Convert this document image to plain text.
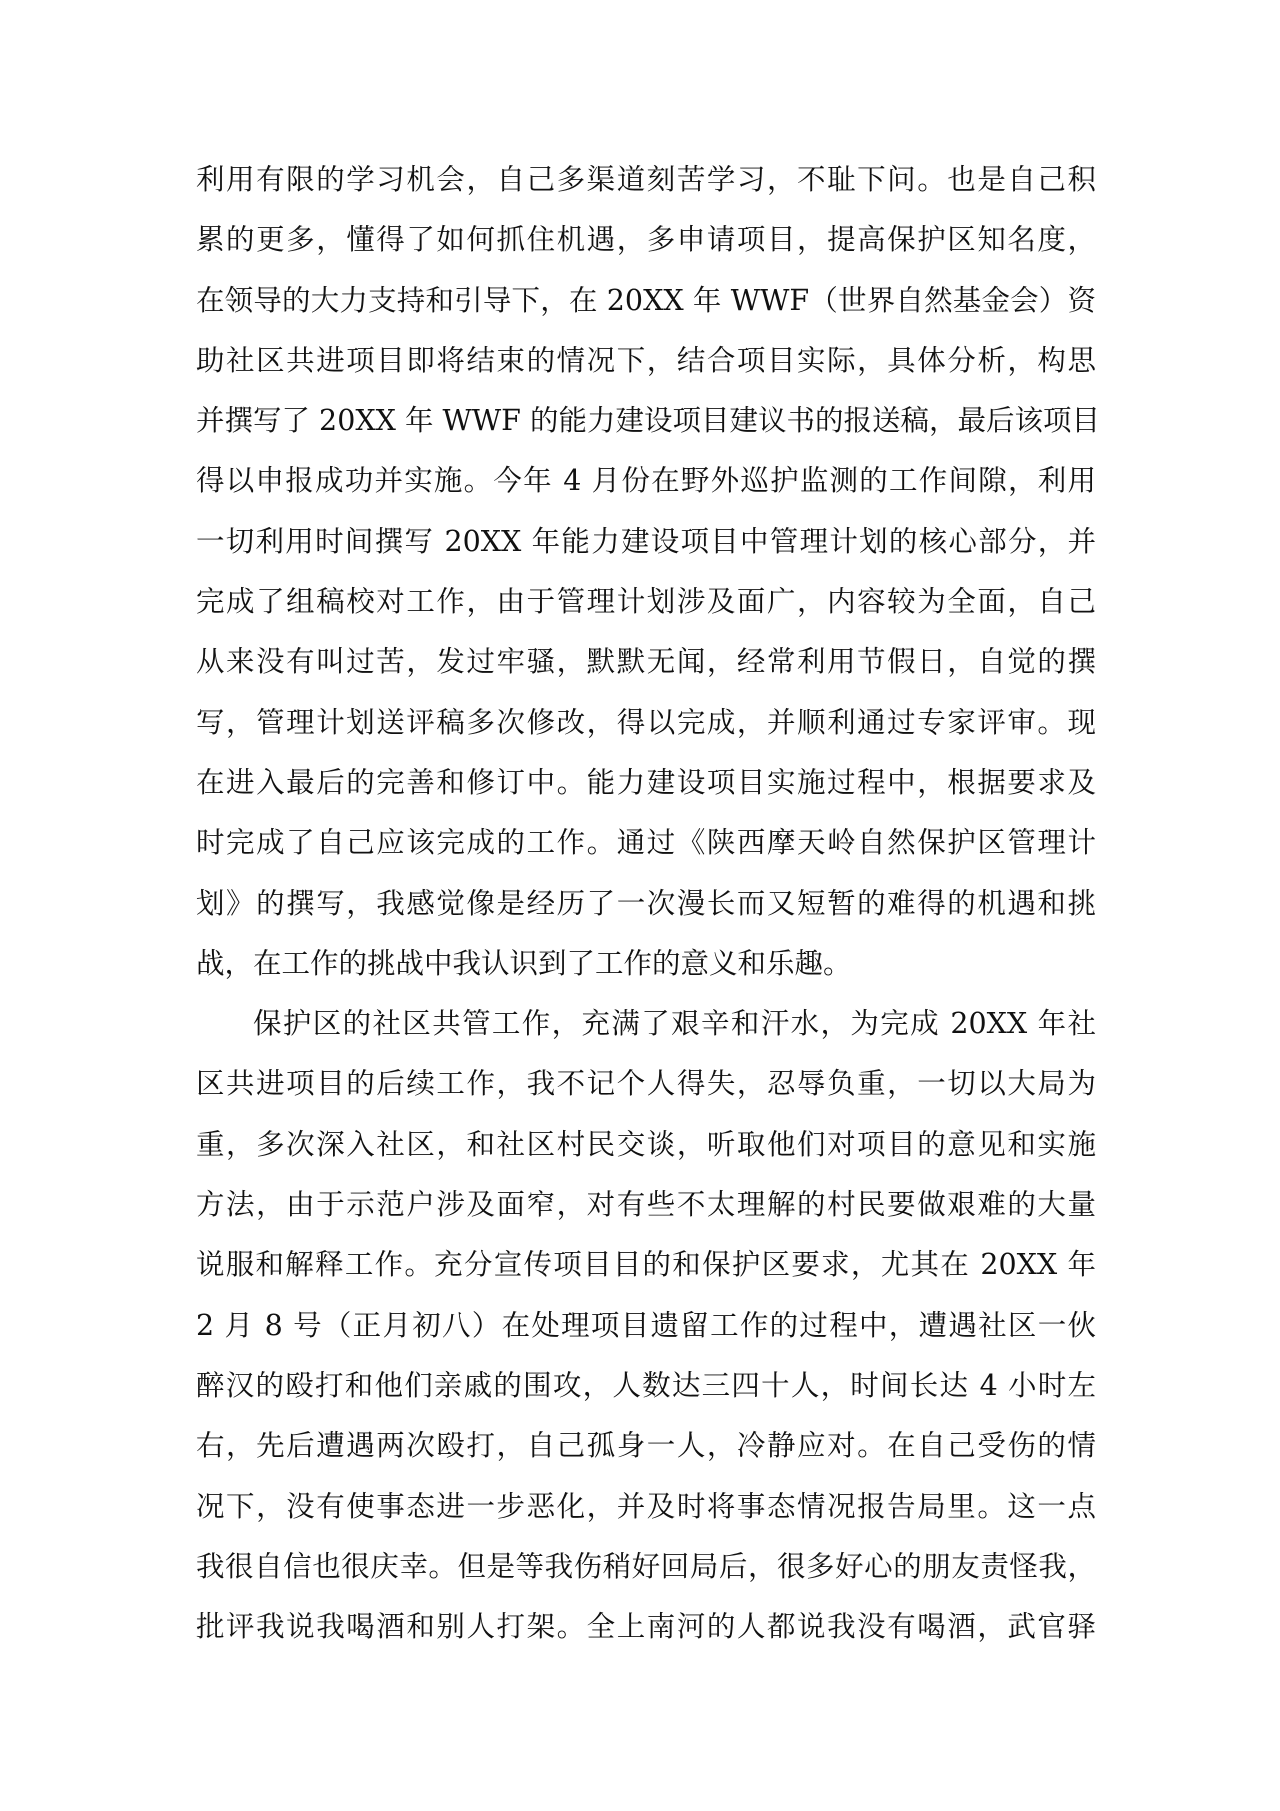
利用有限的学习机会，自己多渠道刻苦学习，不耻下问。也是自己积
累的更多，懂得了如何抓住机遇，多申请项目，提高保护区知名度，
在领导的大力支持和引导下，在 20XX 年 WWF（世界自然基金会）资
助社区共进项目即将结束的情况下，结合项目实际，具体分析，构思
并撰写了 20XX 年 WWF 的能力建设项目建议书的报送稿，最后该项目
得以申报成功并实施。今年 4 月份在野外巡护监测的工作间隙，利用
一切利用时间撰写 20XX 年能力建设项目中管理计划的核心部分，并
完成了组稿校对工作，由于管理计划涉及面广，内容较为全面，自己
从来没有叫过苦，发过牢骚，默默无闻，经常利用节假日，自觉的撰
写，管理计划送评稿多次修改，得以完成，并顺利通过专家评审。现
在进入最后的完善和修订中。能力建设项目实施过程中，根据要求及
时完成了自己应该完成的工作。通过《陕西摩天岭自然保护区管理计
划》的撰写，我感觉像是经历了一次漫长而又短暂的难得的机遇和挑
战，在工作的挑战中我认识到了工作的意义和乐趣。
保护区的社区共管工作，充满了艰辛和汗水，为完成 20XX 年社
区共进项目的后续工作，我不记个人得失，忍辱负重，一切以大局为
重，多次深入社区，和社区村民交谈，听取他们对项目的意见和实施
方法，由于示范户涉及面窄，对有些不太理解的村民要做艰难的大量
说服和解释工作。充分宣传项目目的和保护区要求，尤其在 20XX 年
2 月 8 号（正月初八）在处理项目遗留工作的过程中，遭遇社区一伙
醉汉的殴打和他们亲戚的围攻，人数达三四十人，时间长达 4 小时左
右，先后遭遇两次殴打，自己孤身一人，冷静应对。在自己受伤的情
况下，没有使事态进一步恶化，并及时将事态情况报告局里。这一点
我很自信也很庆幸。但是等我伤稍好回局后，很多好心的朋友责怪我，
批评我说我喝酒和别人打架。全上南河的人都说我没有喝酒，武官驿
